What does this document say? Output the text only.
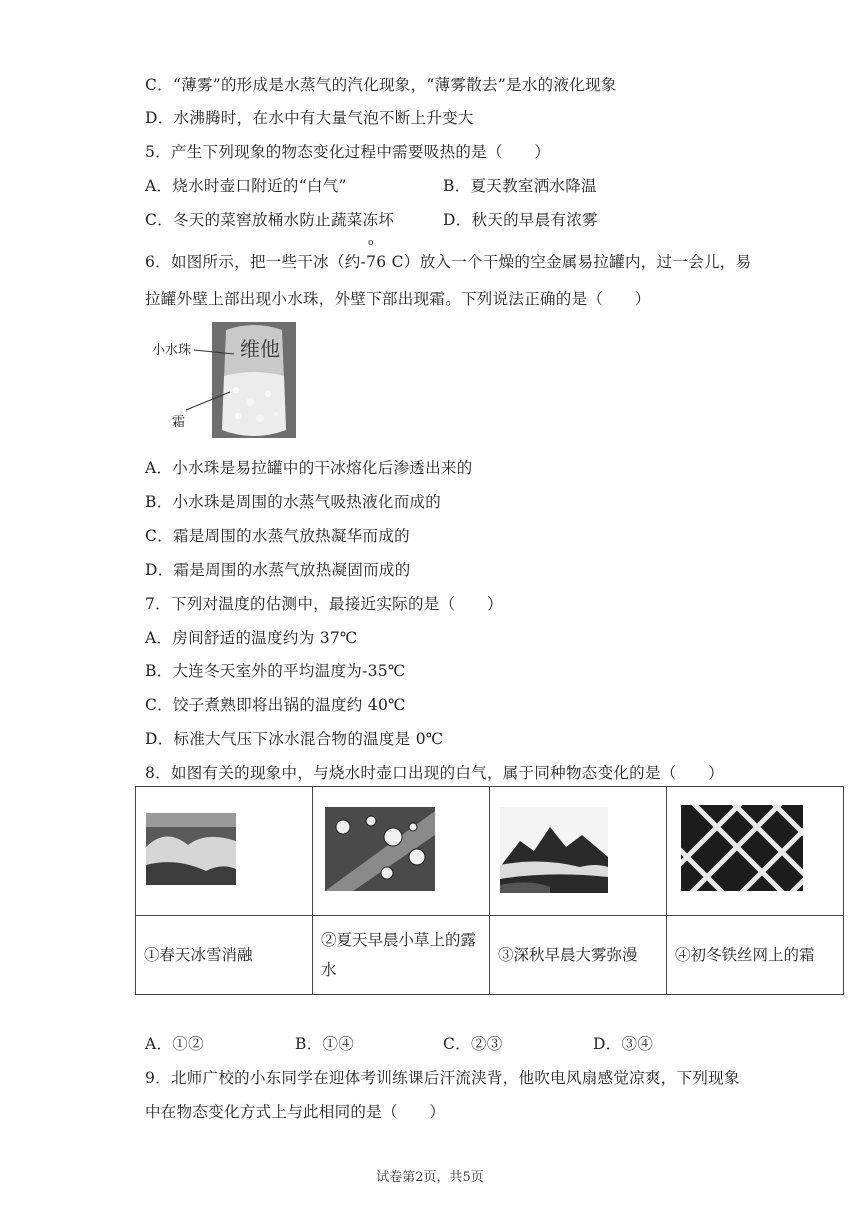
C．“薄雾”的形成是水蒸气的汽化现象，“薄雾散去”是水的液化现象
D．水沸腾时，在水中有大量气泡不断上升变大
5．产生下列现象的物态变化过程中需要吸热的是（　　）
A．烧水时壶口附近的“白气”	B．夏天教室洒水降温
C．冬天的菜窖放桶水防止蔬菜冻坏	D．秋天的早晨有浓雾
o
6．如图所示，把一些干冰（约-76 C）放入一个干燥的空金属易拉罐内，过一会儿，易
拉罐外壁上部出现小水珠，外壁下部出现霜。下列说法正确的是（　　）
维他
小水珠
霜
A．小水珠是易拉罐中的干冰熔化后渗透出来的
B．小水珠是周围的水蒸气吸热液化而成的
C．霜是周围的水蒸气放热凝华而成的
D．霜是周围的水蒸气放热凝固而成的
7．下列对温度的估测中，最接近实际的是（　　）
A．房间舒适的温度约为 37℃
B．大连冬天室外的平均温度为-35℃
C．饺子煮熟即将出锅的温度约 40℃
D．标准大气压下冰水混合物的温度是 0℃
8．如图有关的现象中，与烧水时壶口出现的白气，属于同种物态变化的是（　　）

①春天冰雪消融	②夏天早晨小草上的露
水	③深秋早晨大雾弥漫	④初冬铁丝网上的霜
A．①②	B．①④	C．②③	D．③④
9．北师广校的小东同学在迎体考训练课后汗流浃背，他吹电风扇感觉凉爽，下列现象
中在物态变化方式上与此相同的是（　　）
试卷第2页，共5页
